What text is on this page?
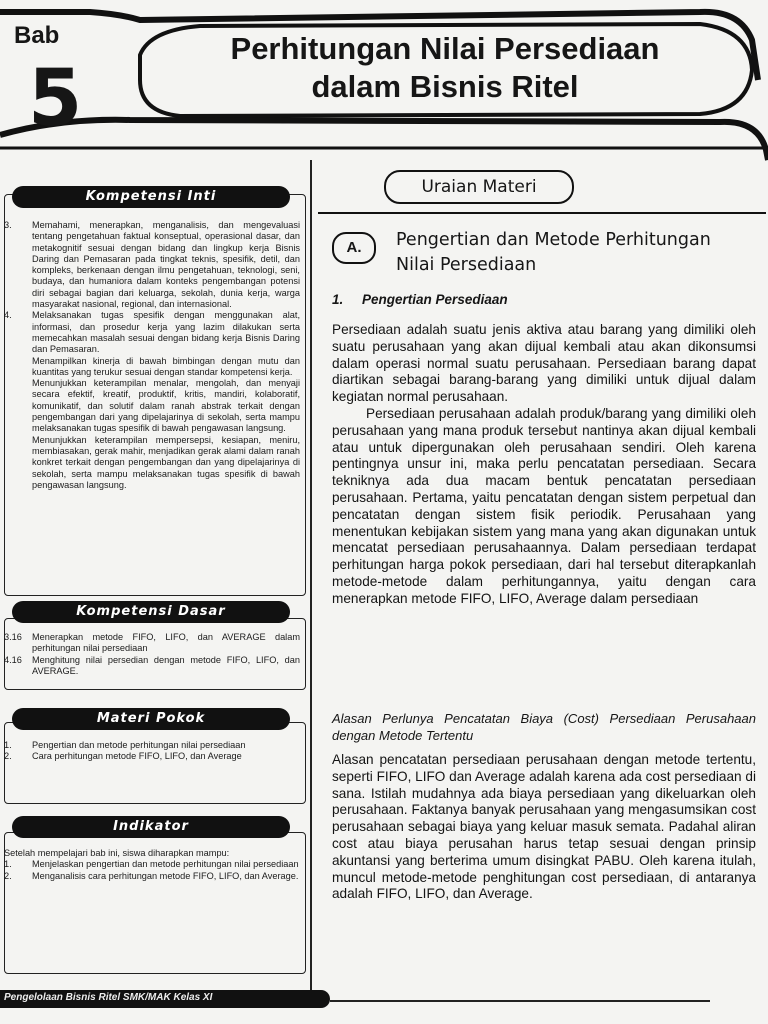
Bab
5
Perhitungan Nilai Persediaan
dalam Bisnis Ritel
Kompetensi Inti
3.	Memahami, menerapkan, menganalisis, dan mengevaluasi tentang pengetahuan faktual konseptual, operasional dasar, dan metakognitif sesuai dengan bidang dan lingkup kerja Bisnis Daring dan Pemasaran pada tingkat teknis, spesifik, detil, dan kompleks, berkenaan dengan ilmu pengetahuan, teknologi, seni, budaya, dan humaniora dalam konteks pengembangan potensi diri sebagai bagian dari keluarga, sekolah, dunia kerja, warga masyarakat nasional, regional, dan internasional.
4.	Melaksanakan tugas spesifik dengan menggunakan alat, informasi, dan prosedur kerja yang lazim dilakukan serta memecahkan masalah sesuai dengan bidang kerja Bisnis Daring dan Pemasaran.
Menampilkan kinerja di bawah bimbingan dengan mutu dan kuantitas yang terukur sesuai dengan standar kompetensi kerja.
Menunjukkan keterampilan menalar, mengolah, dan menyaji secara efektif, kreatif, produktif, kritis, mandiri, kolaboratif, komunikatif, dan solutif dalam ranah abstrak terkait dengan pengembangan dari yang dipelajarinya di sekolah, serta mampu melaksanakan tugas spesifik di bawah pengawasan langsung.
Menunjukkan keterampilan mempersepsi, kesiapan, meniru, membiasakan, gerak mahir, menjadikan gerak alami dalam ranah konkret terkait dengan pengembangan dan yang dipelajarinya di sekolah, serta mampu melaksanakan tugas spesifik di bawah pengawasan langsung.
Kompetensi Dasar
3.16	Menerapkan metode FIFO, LIFO, dan AVERAGE dalam perhitungan nilai persediaan
4.16	Menghitung nilai persedian dengan metode FIFO, LIFO, dan AVERAGE.
Materi Pokok
1.	Pengertian dan metode perhitungan nilai persediaan
2.	Cara perhitungan metode FIFO, LIFO, dan Average
Indikator

Setelah mempelajari bab ini, siswa diharapkan mampu:

1.	Menjelaskan pengertian dan metode perhitungan nilai persediaan
2.	Menganalisis cara perhitungan metode FIFO, LIFO, dan Average.
Uraian Materi
A.	Pengertian dan Metode Perhitungan
Nilai Persediaan
1. Pengertian Persediaan

Persediaan adalah suatu jenis aktiva atau barang yang dimiliki oleh suatu perusahaan yang akan dijual kembali atau akan dikonsumsi dalam operasi normal suatu perusahaan. Persediaan barang dapat diartikan sebagai barang-barang yang dimiliki untuk dijual dalam kegiatan normal perusahaan.

Persediaan perusahaan adalah produk/barang yang dimiliki oleh perusahaan yang mana produk tersebut nantinya akan dijual kembali atau untuk dipergunakan oleh perusahaan sendiri. Oleh karena pentingnya unsur ini, maka perlu pencatatan persediaan. Secara tekniknya ada dua macam bentuk pencatatan persediaan perusahaan. Pertama, yaitu pencatatan dengan sistem perpetual dan pencatatan dengan sistem fisik periodik. Perusahaan yang menentukan kebijakan sistem yang mana yang akan digunakan untuk mencatat persediaan perusahaannya. Dalam persediaan terdapat perhitungan harga pokok persediaan, dari hal tersebut diterapkanlah metode-metode dalam perhitungannya, yaitu dengan cara menerapkan metode FIFO, LIFO, Average dalam persediaan

Alasan Perlunya Pencatatan Biaya (Cost) Persediaan Perusahaan dengan Metode Tertentu

Alasan pencatatan persediaan perusahaan dengan metode tertentu, seperti FIFO, LIFO dan Average adalah karena ada cost persediaan di sana. Istilah mudahnya ada biaya persediaan yang dikeluarkan oleh perusahaan. Faktanya banyak perusahaan yang mengasumsikan cost perusahaan sebagai biaya yang keluar masuk semata. Padahal aliran cost atau biaya perusahan harus tetap sesuai dengan prinsip akuntansi yang berterima umum disingkat PABU. Oleh karena itulah, muncul metode-metode penghitungan cost persediaan, di antaranya adalah FIFO, LIFO, dan Average.

Pengelolaan Bisnis Ritel SMK/MAK Kelas XI
